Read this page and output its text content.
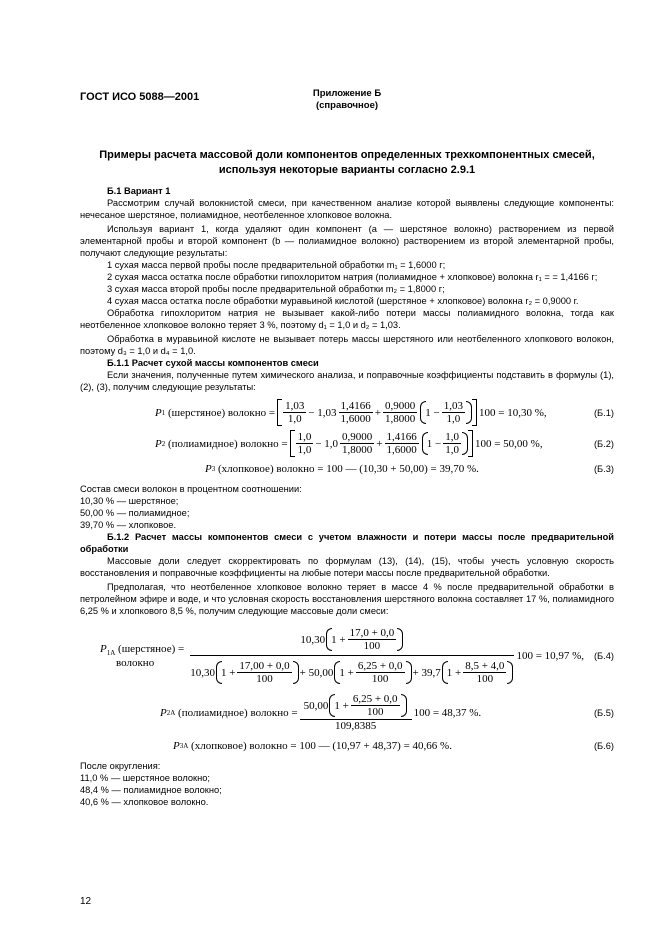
ГОСТ ИСО 5088—2001	Приложение Б
(справочное)
Примеры расчета массовой доли компонентов определенных трехкомпонентных смесей,
используя некоторые варианты согласно 2.9.1

Б.1 Вариант 1

Рассмотрим случай волокнистой смеси, при качественном анализе которой выявлены следующие компоненты: нечесаное шерстяное, полиамидное, неотбеленное хлопковое волокна.

Используя вариант 1, когда удаляют один компонент (a — шерстяное волокно) растворением из первой элементарной пробы и второй компонент (b — полиамидное волокно) растворением из второй элементарной пробы, получают следующие результаты:

1 сухая масса первой пробы после предварительной обработки m₁ = 1,6000 г;

2 сухая масса остатка после обработки гипохлоритом натрия (полиамидное + хлопковое) волокна r₁ = = 1,4166 г;

3 сухая масса второй пробы после предварительной обработки m₂ = 1,8000 г;

4 сухая масса остатка после обработки муравьиной кислотой (шерстяное + хлопковое) волокна r₂ = 0,9000 г.

Обработка гипохлоритом натрия не вызывает какой-либо потери массы полиамидного волокна, тогда как неотбеленное хлопковое волокно теряет 3 %, поэтому d₁ = 1,0 и d₂ = 1,03.

Обработка в муравьиной кислоте не вызывает потерь массы шерстяного или неотбеленного хлопкового волокон, поэтому d₃ = 1,0 и d₄ = 1,0.

Б.1.1 Расчет сухой массы компонентов смеси

Если значения, полученные путем химического анализа, и поправочные коэффициенты подставить в формулы (1), (2), (3), получим следующие результаты:

P 1
(шерстяное) волокно = $\frac{1,03}{1,0} - 1,03 \frac{1,4166}{1,6000} + \frac{0,9000}{1,8000} 1 - \frac{1,03}{1,0} 100 = 10,30$ %,	(Б.1)
P 2
(полиамидное) волокно = $\frac{1,0}{1,0} - 1,0 \frac{0,9000}{1,8000} + \frac{1,4166}{1,6000} 1 - \frac{1,0}{1,0} 100 = 50,00$ %,	(Б.2)
P 3
(хлопковое) волокно = 100 — (10,30 + 50,00) = 39,70 %.	(Б.3)

Состав смеси волокон в процентном соотношении:

10,30 % — шерстяное;

50,00 % — полиамидное;

39,70 % — хлопковое.

Б.1.2 Расчет массы компонентов смеси с учетом влажности и потери массы после предварительной обработки

Массовые доли следует скорректировать по формулам (13), (14), (15), чтобы учесть условную скорость восстановления и поправочные коэффициенты на любые потери массы после предварительной обработки.

Предполагая, что неотбеленное хлопковое волокно теряет в массе 4 % после предварительной обработки в петролейном эфире и воде, и что условная скорость восстановления шерстяного волокна составляет 17 %, полиамидного 6,25 % и хлопкового 8,5 %, получим следующие массовые доли смеси:

$P_{1A}$ (шерстяное) =
волокно
10,30 $1 + \frac{17,0 + 0,0}{100}$
10,30 $1 + \frac{17,00 + 0,0}{100} + 50,00$ $1 + \frac{6,25 + 0,0}{100} + 39,7$ $1 + \frac{8,5 + 4,0}{100}$
100 = 10,97 %,	(Б.4)
P 2A
(полиамидное) волокно = $\frac{50,00 1 + \frac{6,25 + 0,0}{100}}{109,8385} 100 = 48,37$ %.	(Б.5)
P 3A
(хлопковое) волокно = 100 — (10,97 + 48,37) = 40,66 %.	(Б.6)

После округления:

11,0 % — шерстяное волокно;

48,4 % — полиамидное волокно;

40,6 % — хлопковое волокно.

12
